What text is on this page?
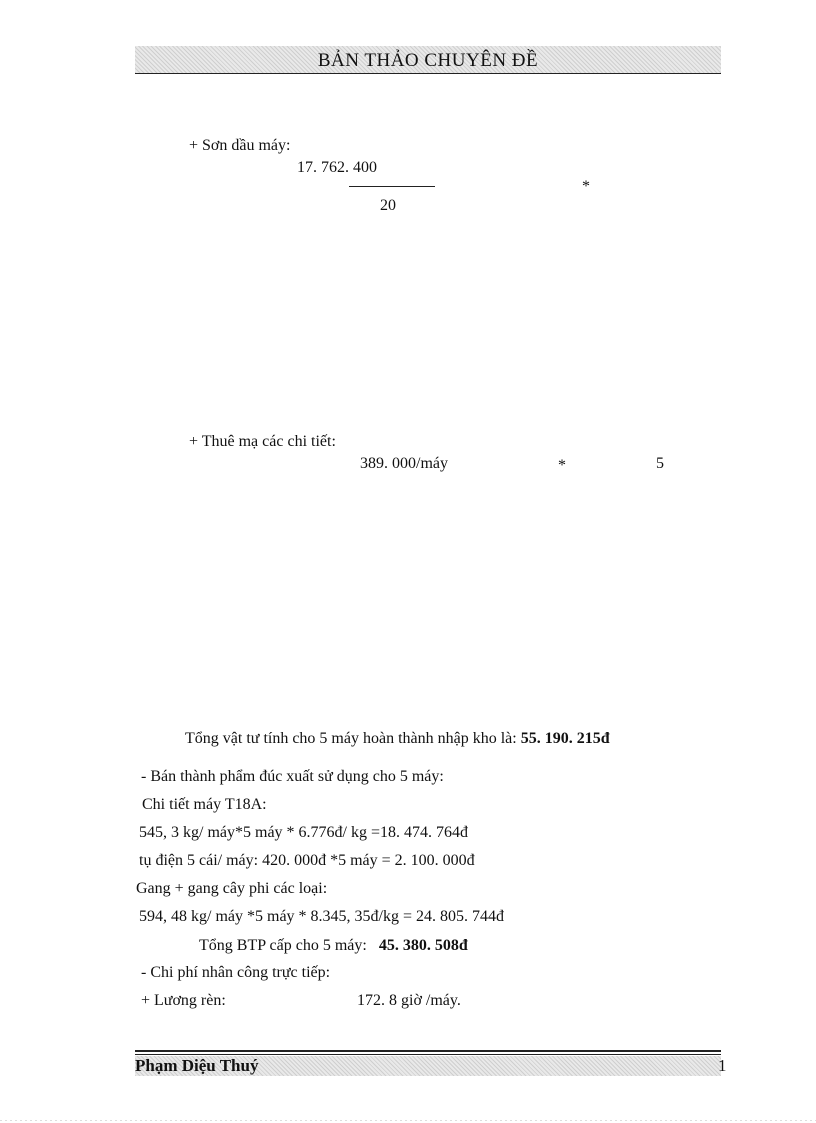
BẢN THẢO CHUYÊN ĐỀ
+ Sơn dầu máy:
17. 762. 400
*
20
+ Thuê mạ các chi tiết:
389. 000/máy	*	5
Tổng vật tư tính cho 5 máy hoàn thành nhập kho là: 55. 190. 215đ
- Bán thành phẩm đúc xuất sử dụng cho 5 máy:
Chi tiết máy T18A:
545, 3 kg/ máy*5 máy * 6.776đ/ kg =18. 474. 764đ
tụ điện 5 cái/ máy: 420. 000đ *5 máy = 2. 100. 000đ
Gang + gang cây phi các loại:
594, 48 kg/ máy *5 máy * 8.345, 35đ/kg = 24. 805. 744đ
Tổng BTP cấp cho 5 máy: 45. 380. 508đ
- Chi phí nhân công trực tiếp:
+ Lương rèn:	172. 8 giờ /máy.
Phạm Diệu Thuý	1
